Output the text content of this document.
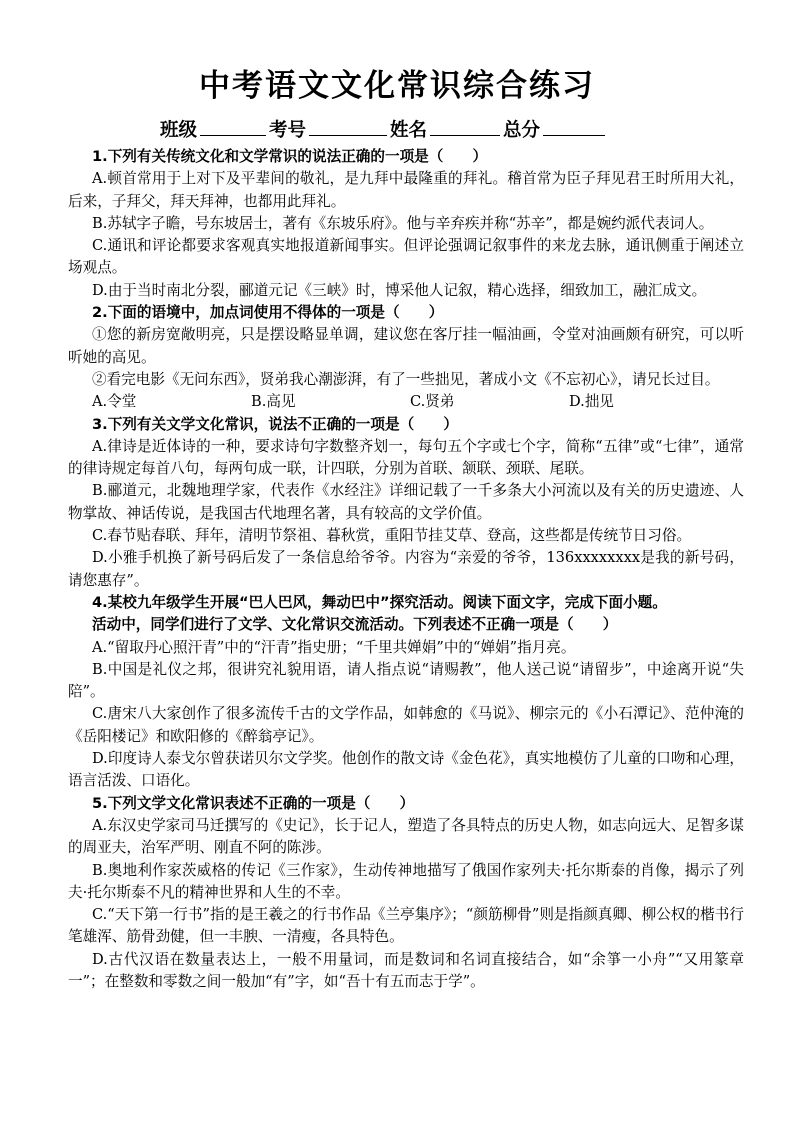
中考语文文化常识综合练习
班级	考号	姓名	总分

1.下列有关传统文化和文学常识的说法正确的一项是（　　）

A.顿首常用于上对下及平辈间的敬礼，是九拜中最隆重的拜礼。稽首常为臣子拜见君王时所用大礼，后来，子拜父，拜天拜神，也都用此拜礼。

B.苏轼字子瞻，号东坡居士，著有《东坡乐府》。他与辛弃疾并称“苏辛”，都是婉约派代表词人。

C.通讯和评论都要求客观真实地报道新闻事实。但评论强调记叙事件的来龙去脉，通讯侧重于阐述立场观点。

D.由于当时南北分裂，郦道元记《三峡》时，博采他人记叙，精心选择，细致加工，融汇成文。

2.下面的语境中，加点词使用不得体的一项是（　　）

①您的新房宽敞明亮，只是摆设略显单调，建议您在客厅挂一幅油画，令堂对油画颇有研究，可以听听她的高见。

②看完电影《无问东西》，贤弟我心潮澎湃，有了一些拙见，著成小文《不忘初心》，请兄长过目。

A.令堂	B.高见	C.贤弟	D.拙见

3.下列有关文学文化常识，说法不正确的一项是（　　）

A.律诗是近体诗的一种，要求诗句字数整齐划一，每句五个字或七个字，简称“五律”或“七律”，通常的律诗规定每首八句，每两句成一联，计四联，分别为首联、颔联、颈联、尾联。

B.郦道元，北魏地理学家，代表作《水经注》详细记载了一千多条大小河流以及有关的历史遗迹、人物掌故、神话传说，是我国古代地理名著，具有较高的文学价值。

C.春节贴春联、拜年，清明节祭祖、暮秋赏，重阳节挂艾草、登高，这些都是传统节日习俗。

D.小雅手机换了新号码后发了一条信息给爷爷。内容为“亲爱的爷爷，136xxxxxxxx是我的新号码，请您惠存”。

4.某校九年级学生开展“巴人巴风，舞动巴中”探究活动。阅读下面文字，完成下面小题。

活动中，同学们进行了文学、文化常识交流活动。下列表述不正确一项是（　　）

A.“留取丹心照汗青”中的“汗青”指史册；“千里共婵娟”中的“婵娟”指月亮。

B.中国是礼仪之邦，很讲究礼貌用语，请人指点说“请赐教”，他人送己说“请留步”，中途离开说“失陪”。

C.唐宋八大家创作了很多流传千古的文学作品，如韩愈的《马说》、柳宗元的《小石潭记》、范仲淹的《岳阳楼记》和欧阳修的《醉翁亭记》。

D.印度诗人泰戈尔曾获诺贝尔文学奖。他创作的散文诗《金色花》，真实地模仿了儿童的口吻和心理，语言活泼、口语化。

5.下列文学文化常识表述不正确的一项是（　　）

A.东汉史学家司马迁撰写的《史记》，长于记人，塑造了各具特点的历史人物，如志向远大、足智多谋的周亚夫，治军严明、刚直不阿的陈涉。

B.奥地利作家茨威格的传记《三作家》，生动传神地描写了俄国作家列夫·托尔斯泰的肖像，揭示了列夫·托尔斯泰不凡的精神世界和人生的不幸。

C.“天下第一行书”指的是王羲之的行书作品《兰亭集序》；“颜筋柳骨”则是指颜真卿、柳公权的楷书行笔雄浑、筋骨劲健，但一丰腴、一清瘦，各具特色。

D.古代汉语在数量表达上，一般不用量词，而是数词和名词直接结合，如“余箏一小舟”“又用篆章一”；在整数和零数之间一般加“有”字，如“吾十有五而志于学”。
